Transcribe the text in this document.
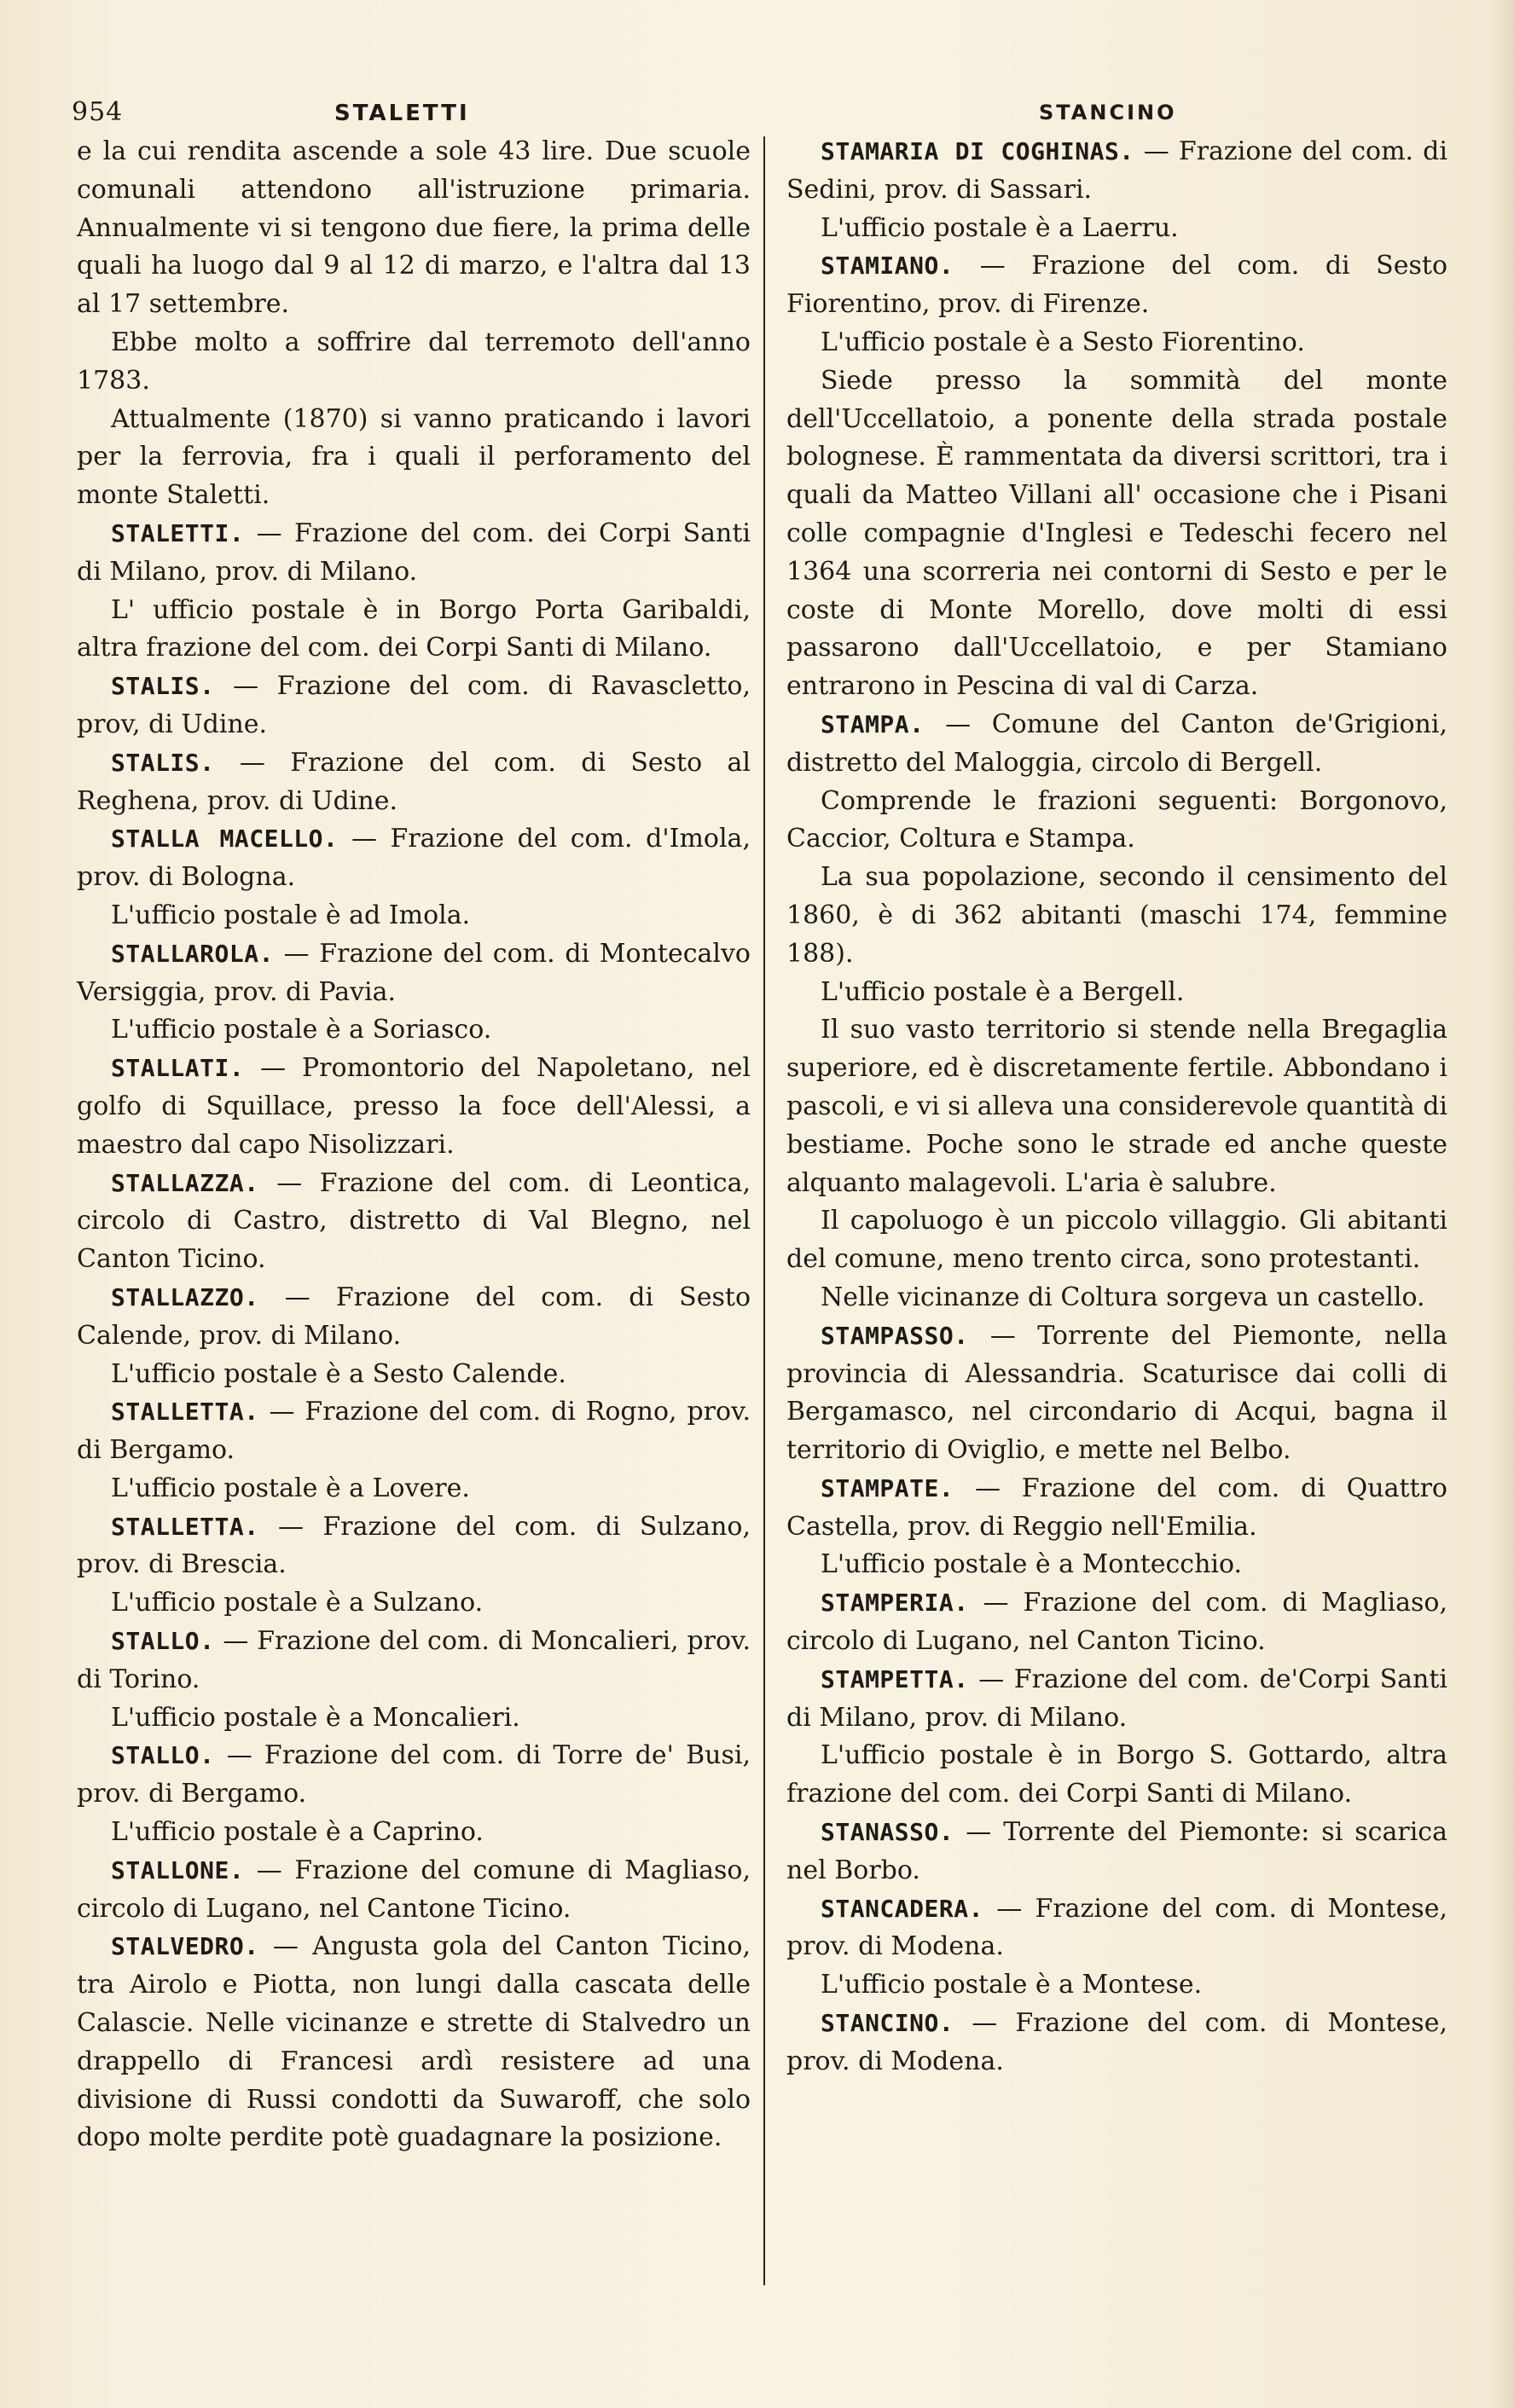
954	STALETTI	STANCINO

e la cui rendita ascende a sole 43 lire. Due scuole comunali attendono all'istruzione primaria. Annualmente vi si tengono due fiere, la prima delle quali ha luogo dal 9 al 12 di marzo, e l'altra dal 13 al 17 settembre.

Ebbe molto a soffrire dal terremoto dell'anno 1783.

Attualmente (1870) si vanno praticando i lavori per la ferrovia, fra i quali il perforamento del monte Staletti.

STALETTI. — Frazione del com. dei Corpi Santi di Milano, prov. di Milano.

L' ufficio postale è in Borgo Porta Garibaldi, altra frazione del com. dei Corpi Santi di Milano.

STALIS. — Frazione del com. di Ravascletto, prov, di Udine.

STALIS. — Frazione del com. di Sesto al Reghena, prov. di Udine.

STALLA MACELLO. — Frazione del com. d'Imola, prov. di Bologna.

L'ufficio postale è ad Imola.

STALLAROLA. — Frazione del com. di Montecalvo Versiggia, prov. di Pavia.

L'ufficio postale è a Soriasco.

STALLATI. — Promontorio del Napoletano, nel golfo di Squillace, presso la foce dell'Alessi, a maestro dal capo Nisolizzari.

STALLAZZA. — Frazione del com. di Leontica, circolo di Castro, distretto di Val Blegno, nel Canton Ticino.

STALLAZZO. — Frazione del com. di Sesto Calende, prov. di Milano.

L'ufficio postale è a Sesto Calende.

STALLETTA. — Frazione del com. di Rogno, prov. di Bergamo.

L'ufficio postale è a Lovere.

STALLETTA. — Frazione del com. di Sulzano, prov. di Brescia.

L'ufficio postale è a Sulzano.

STALLO. — Frazione del com. di Moncalieri, prov. di Torino.

L'ufficio postale è a Moncalieri.

STALLO. — Frazione del com. di Torre de' Busi, prov. di Bergamo.

L'ufficio postale è a Caprino.

STALLONE. — Frazione del comune di Magliaso, circolo di Lugano, nel Cantone Ticino.

STALVEDRO. — Angusta gola del Canton Ticino, tra Airolo e Piotta, non lungi dalla cascata delle Calascie. Nelle vicinanze e strette di Stalvedro un drappello di Francesi ardì resistere ad una divisione di Russi condotti da Suwaroff, che solo dopo molte perdite potè guadagnare la posizione.

STAMARIA DI COGHINAS. — Frazione del com. di Sedini, prov. di Sassari.

L'ufficio postale è a Laerru.

STAMIANO. — Frazione del com. di Sesto Fiorentino, prov. di Firenze.

L'ufficio postale è a Sesto Fiorentino.

Siede presso la sommità del monte dell'Uccellatoio, a ponente della strada postale bolognese. È rammentata da diversi scrittori, tra i quali da Matteo Villani all' occasione che i Pisani colle compagnie d'Inglesi e Tedeschi fecero nel 1364 una scorreria nei contorni di Sesto e per le coste di Monte Morello, dove molti di essi passarono dall'Uccellatoio, e per Stamiano entrarono in Pescina di val di Carza.

STAMPA. — Comune del Canton de'Grigioni, distretto del Maloggia, circolo di Bergell.

Comprende le frazioni seguenti: Borgonovo, Caccior, Coltura e Stampa.

La sua popolazione, secondo il censimento del 1860, è di 362 abitanti (maschi 174, femmine 188).

L'ufficio postale è a Bergell.

Il suo vasto territorio si stende nella Bregaglia superiore, ed è discretamente fertile. Abbondano i pascoli, e vi si alleva una considerevole quantità di bestiame. Poche sono le strade ed anche queste alquanto malagevoli. L'aria è salubre.

Il capoluogo è un piccolo villaggio. Gli abitanti del comune, meno trento circa, sono protestanti.

Nelle vicinanze di Coltura sorgeva un castello.

STAMPASSO. — Torrente del Piemonte, nella provincia di Alessandria. Scaturisce dai colli di Bergamasco, nel circondario di Acqui, bagna il territorio di Oviglio, e mette nel Belbo.

STAMPATE. — Frazione del com. di Quattro Castella, prov. di Reggio nell'Emilia.

L'ufficio postale è a Montecchio.

STAMPERIA. — Frazione del com. di Magliaso, circolo di Lugano, nel Canton Ticino.

STAMPETTA. — Frazione del com. de'Corpi Santi di Milano, prov. di Milano.

L'ufficio postale è in Borgo S. Gottardo, altra frazione del com. dei Corpi Santi di Milano.

STANASSO. — Torrente del Piemonte: si scarica nel Borbo.

STANCADERA. — Frazione del com. di Montese, prov. di Modena.

L'ufficio postale è a Montese.

STANCINO. — Frazione del com. di Montese, prov. di Modena.
